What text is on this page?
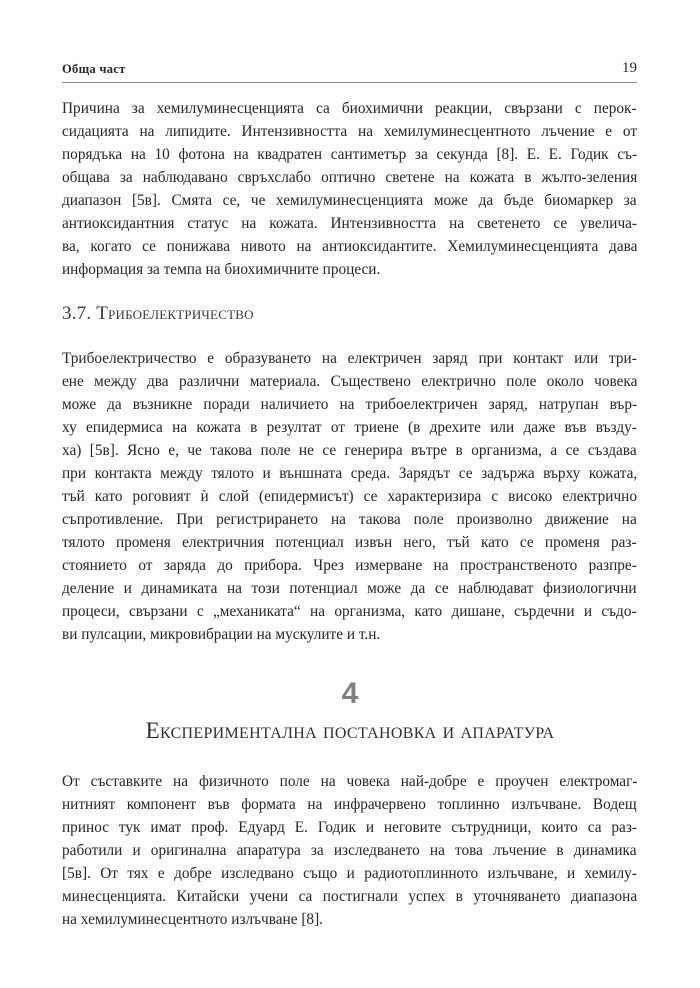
Обща част	19
Причина за хемилуминесценцията са биохимични реакции, свързани с перок-
сидацията на липидите. Интензивността на хемилуминесцентното лъчение е от
порядъка на 10 фотона на квадратен сантиметър за секунда [8]. Е. Е. Годик съ-
общава за наблюдавано свръхслабо оптично светене на кожата в жълто-зеления
диапазон [5в]. Смята се, че хемилуминесценцията може да бъде биомаркер за
антиоксидантния статус на кожата. Интензивността на светенето се увелича-
ва, когато се понижава нивото на антиоксидантите. Хемилуминесценцията дава
информация за темпа на биохимичните процеси.
3.7. Трибоелектричество
Трибоелектричество е образуването на електричен заряд при контакт или три-
ене между два различни материала. Съществено електрично поле около човека
може да възникне поради наличието на трибоелектричен заряд, натрупан вър-
ху епидермиса на кожата в резултат от триене (в дрехите или даже във възду-
ха) [5в]. Ясно е, че такова поле не се генерира вътре в организма, а се създава
при контакта между тялото и външната среда. Зарядът се задържа върху кожата,
тъй като роговият ѝ слой (епидермисът) се характеризира с високо електрично
съпротивление. При регистрирането на такова поле произволно движение на
тялото променя електричния потенциал извън него, тъй като се променя раз-
стоянието от заряда до прибора. Чрез измерване на пространственото разпре-
деление и динамиката на този потенциал може да се наблюдават физиологични
процеси, свързани с „механиката“ на организма, като дишане, сърдечни и съдо-
ви пулсации, микровибрации на мускулите и т.н.
4
Експериментална постановка и апаратура
От съставките на физичното поле на човека най-добре е проучен електромаг-
нитният компонент във формата на инфрачервено топлинно излъчване. Водещ
принос тук имат проф. Едуард Е. Годик и неговите сътрудници, които са раз-
работили и оригинална апаратура за изследването на това лъчение в динамика
[5в]. От тях е добре изследвано също и радиотоплинното излъчване, и хемилу-
минесценцията. Китайски учени са постигнали успех в уточняването диапазона
на хемилуминесцентното излъчване [8].
